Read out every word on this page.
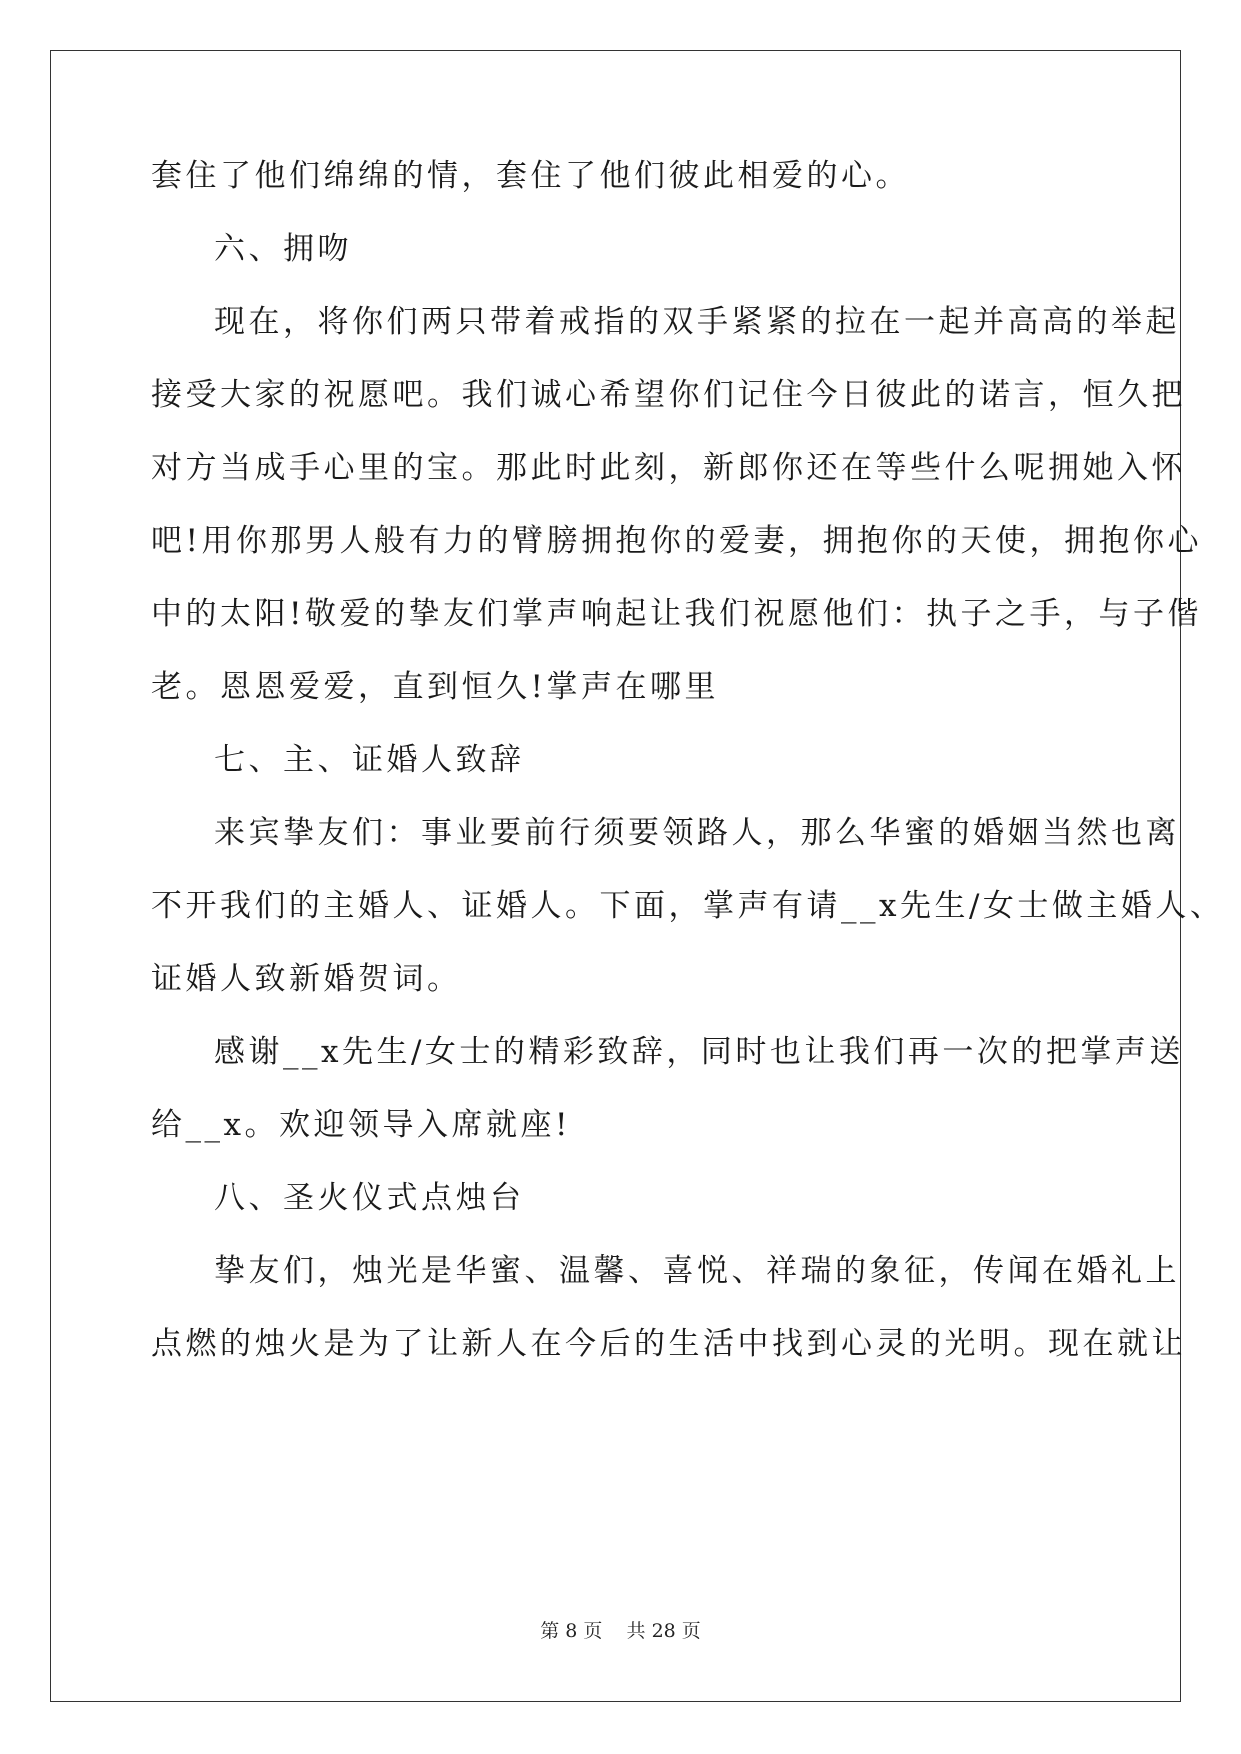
套住了他们绵绵的情，套住了他们彼此相爱的心。
六、拥吻
现在，将你们两只带着戒指的双手紧紧的拉在一起并高高的举起
接受大家的祝愿吧。我们诚心希望你们记住今日彼此的诺言，恒久把
对方当成手心里的宝。那此时此刻，新郎你还在等些什么呢拥她入怀
吧!用你那男人般有力的臂膀拥抱你的爱妻，拥抱你的天使，拥抱你心
中的太阳!敬爱的挚友们掌声响起让我们祝愿他们：执子之手，与子偕
老。恩恩爱爱，直到恒久!掌声在哪里
七、主、证婚人致辞
来宾挚友们：事业要前行须要领路人，那么华蜜的婚姻当然也离
不开我们的主婚人、证婚人。下面，掌声有请__x先生/女士做主婚人、
证婚人致新婚贺词。
感谢__x先生/女士的精彩致辞，同时也让我们再一次的把掌声送
给__x。欢迎领导入席就座!
八、圣火仪式点烛台
挚友们，烛光是华蜜、温馨、喜悦、祥瑞的象征，传闻在婚礼上
点燃的烛火是为了让新人在今后的生活中找到心灵的光明。现在就让
第 8 页    共 28 页
